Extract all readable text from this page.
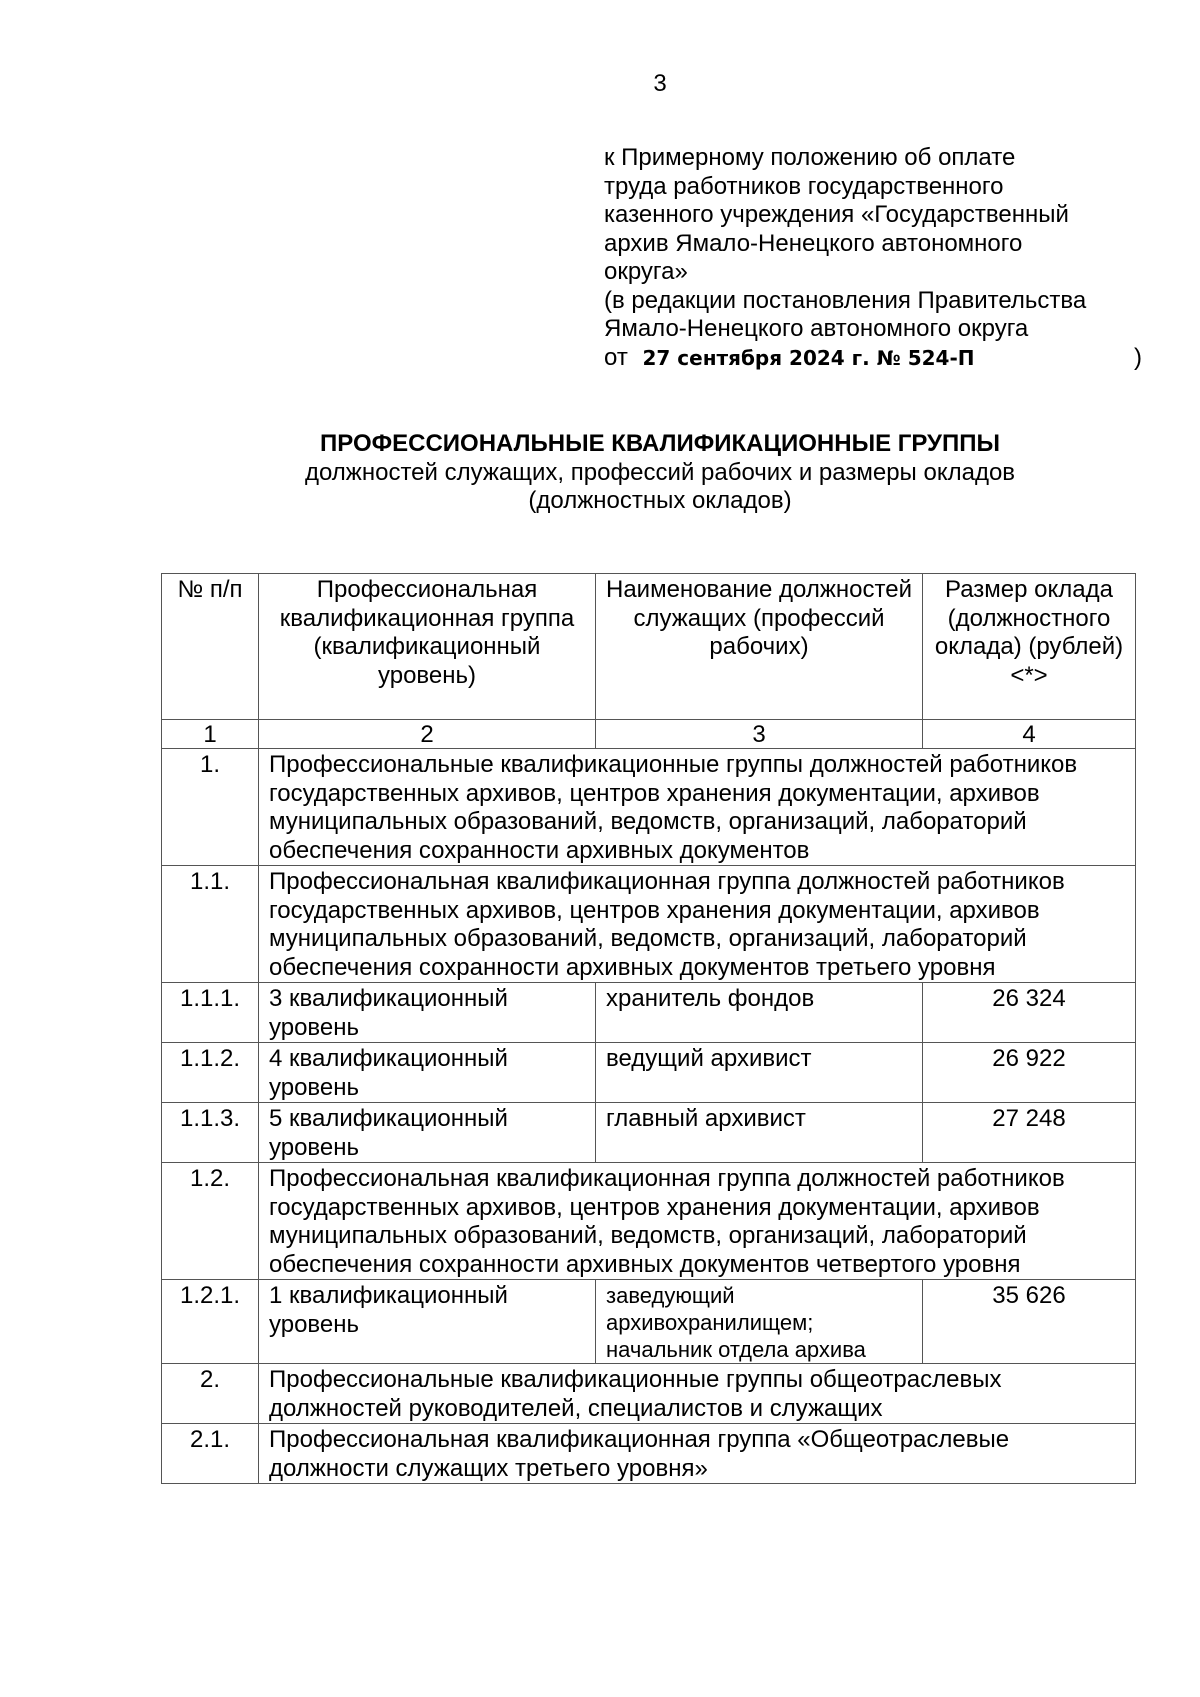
3
к Примерному положению об оплате
труда работников государственного
казенного учреждения «Государственный
архив Ямало-Ненецкого автономного
округа»
(в редакции постановления Правительства
Ямало-Ненецкого автономного округа
от 27 сентября 2024 г. № 524-П	)
ПРОФЕССИОНАЛЬНЫЕ КВАЛИФИКАЦИОННЫЕ ГРУППЫ
должностей служащих, профессий рабочих и размеры окладов
(должностных окладов)
№ п/п	Профессиональная квалификационная группа (квалификационный уровень)	Наименование должностей служащих (профессий рабочих)	Размер оклада (должностного оклада) (рублей) <*>
1	2	3	4
1.	Профессиональные квалификационные группы должностей работников государственных архивов, центров хранения документации, архивов муниципальных образований, ведомств, организаций, лабораторий обеспечения сохранности архивных документов		
1.1.	Профессиональная квалификационная группа должностей работников государственных архивов, центров хранения документации, архивов муниципальных образований, ведомств, организаций, лабораторий обеспечения сохранности архивных документов третьего уровня		
1.1.1.	3 квалификационный уровень	хранитель фондов	26 324
1.1.2.	4 квалификационный уровень	ведущий архивист	26 922
1.1.3.	5 квалификационный уровень	главный архивист	27 248
1.2.	Профессиональная квалификационная группа должностей работников государственных архивов, центров хранения документации, архивов муниципальных образований, ведомств, организаций, лабораторий обеспечения сохранности архивных документов четвертого уровня		
1.2.1.	1 квалификационный уровень	заведующий архивохранилищем; начальник отдела архива	35 626
2.	Профессиональные квалификационные группы общеотраслевых должностей руководителей, специалистов и служащих		
2.1.	Профессиональная квалификационная группа «Общеотраслевые должности служащих третьего уровня»		
